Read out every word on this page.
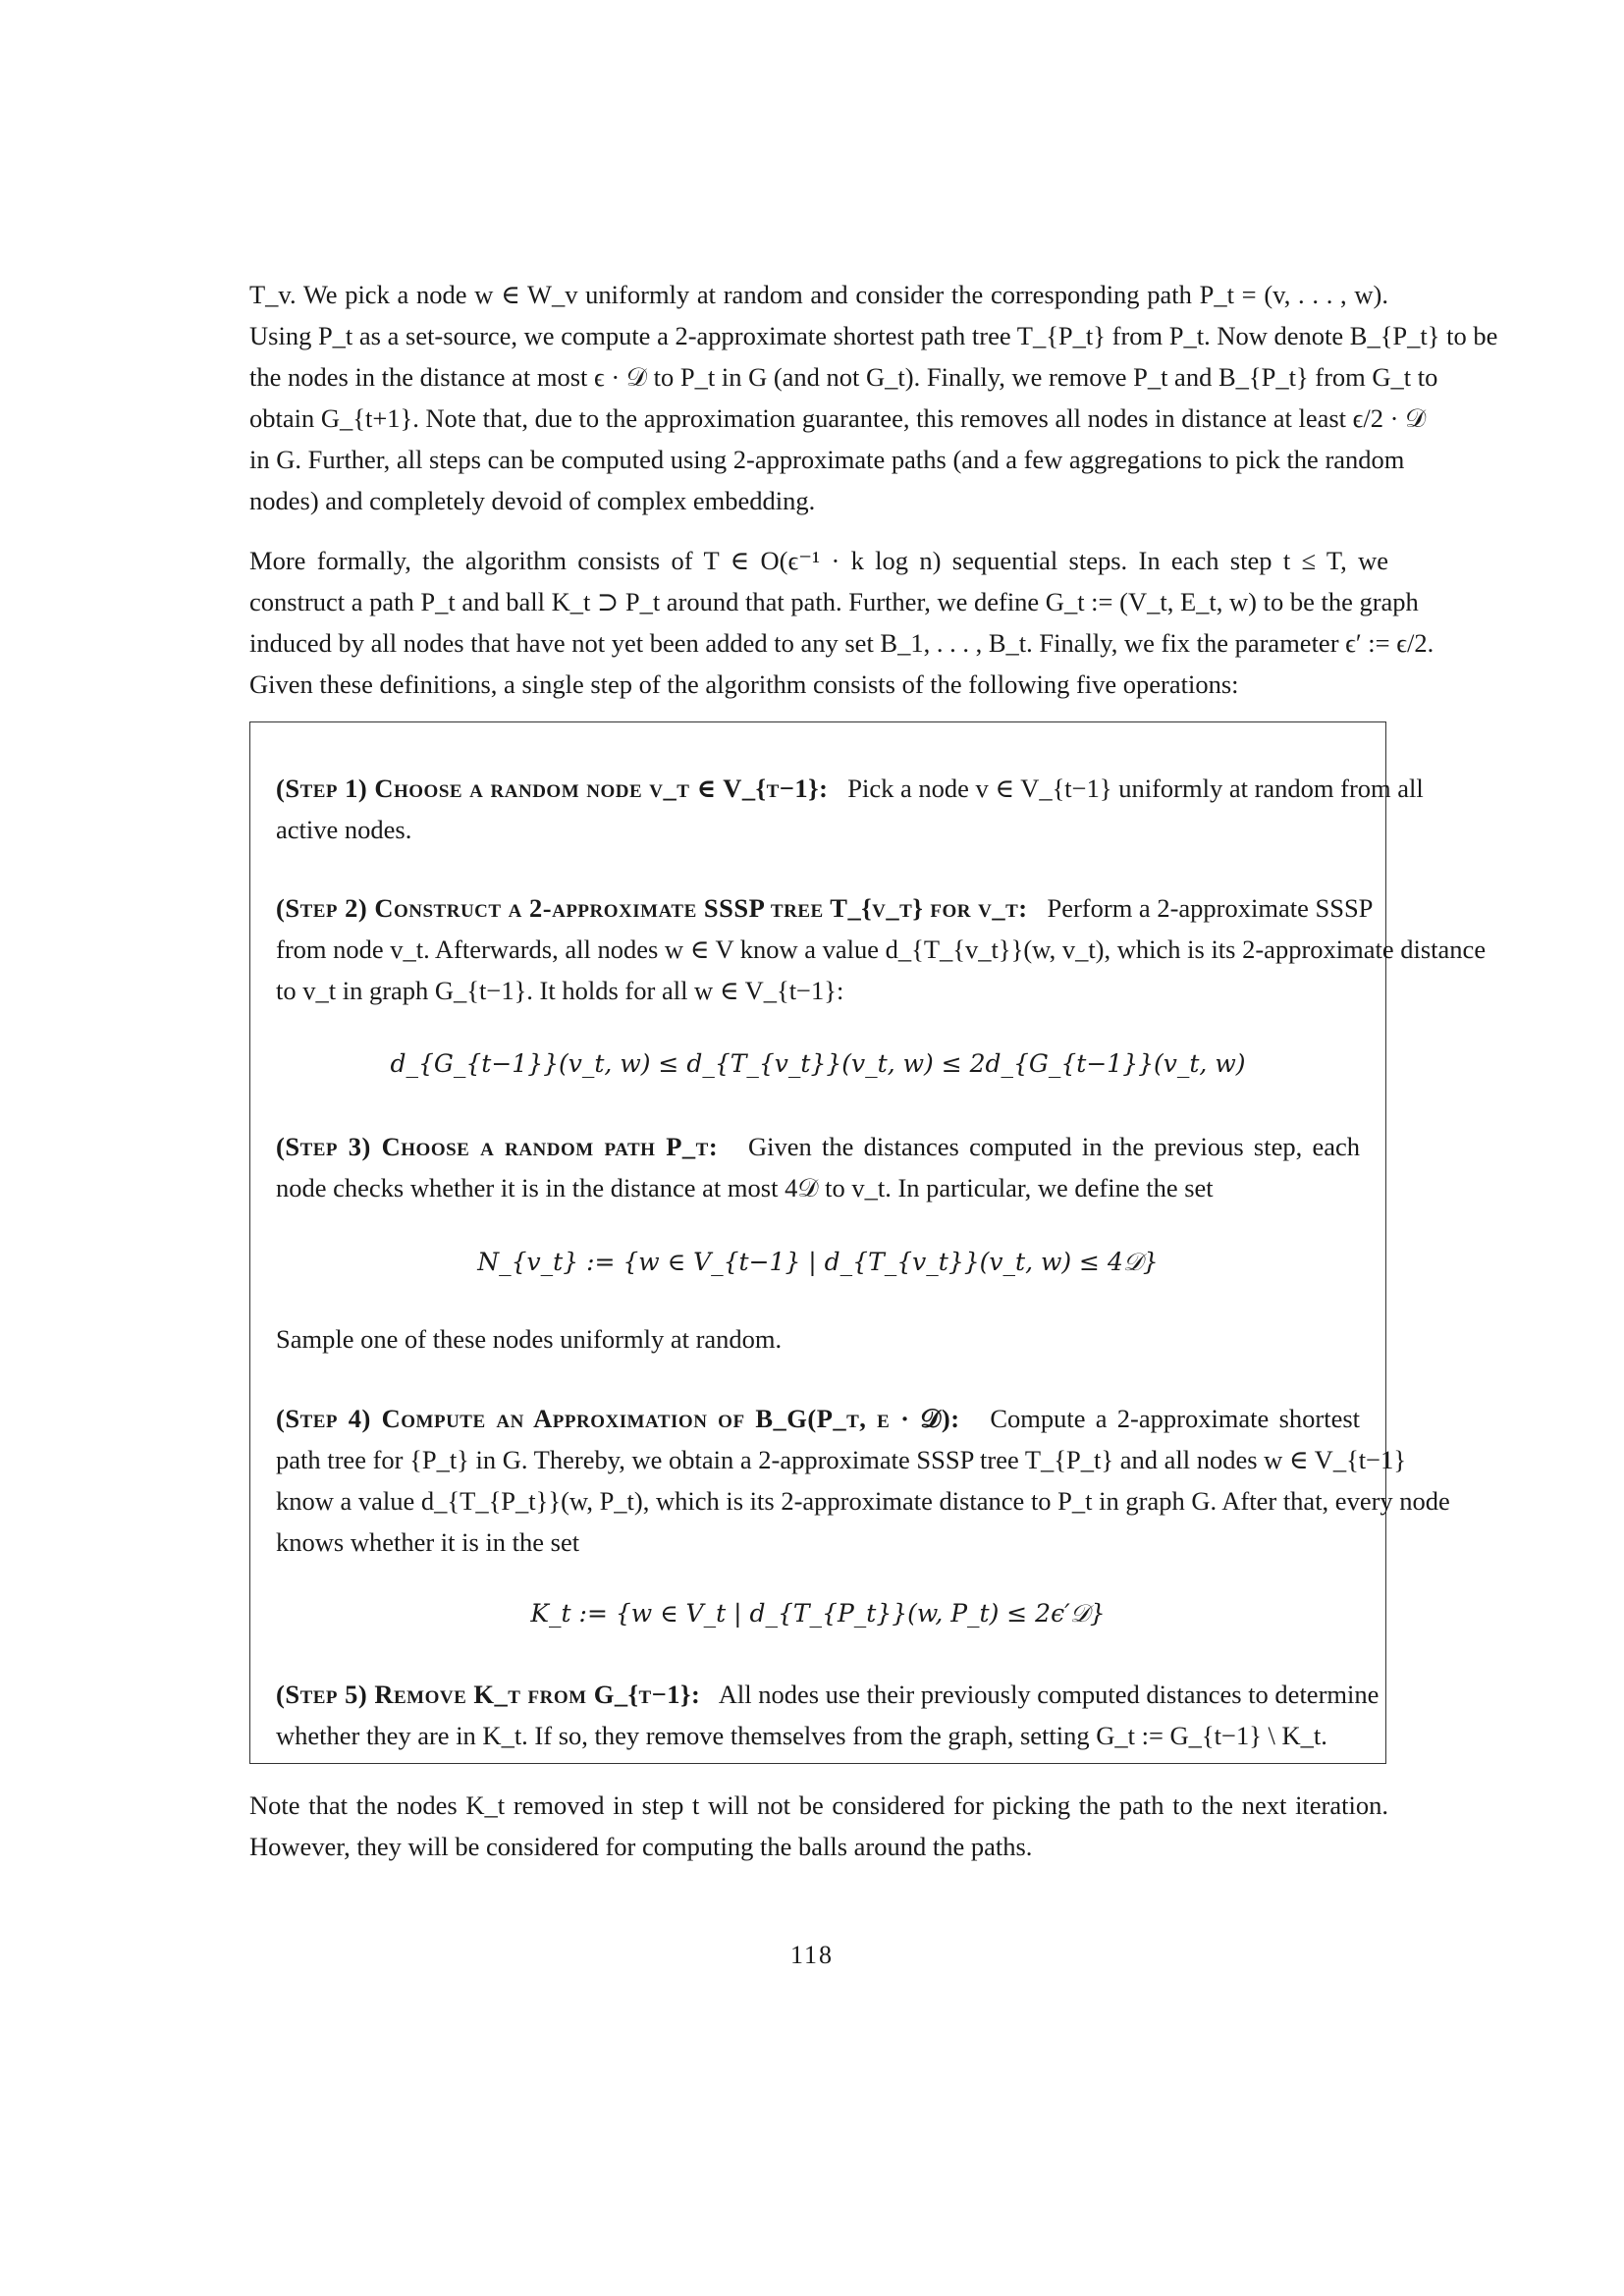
T_v. We pick a node w ∈ W_v uniformly at random and consider the corresponding path P_t = (v, . . . , w).
Using P_t as a set-source, we compute a 2-approximate shortest path tree T_{P_t} from P_t. Now denote B_{P_t} to be
the nodes in the distance at most ϵ · 𝒟 to P_t in G (and not G_t). Finally, we remove P_t and B_{P_t} from G_t to
obtain G_{t+1}. Note that, due to the approximation guarantee, this removes all nodes in distance at least ϵ/2 · 𝒟
in G. Further, all steps can be computed using 2-approximate paths (and a few aggregations to pick the random
nodes) and completely devoid of complex embedding.
More formally, the algorithm consists of T ∈ O(ϵ⁻¹ · k log n) sequential steps. In each step t ≤ T, we
construct a path P_t and ball K_t ⊃ P_t around that path. Further, we define G_t := (V_t, E_t, w) to be the graph
induced by all nodes that have not yet been added to any set B_1, . . . , B_t. Finally, we fix the parameter ϵ′ := ϵ/2.
Given these definitions, a single step of the algorithm consists of the following five operations:
(Step 1) Choose a random node v_t ∈ V_{t−1}: Pick a node v ∈ V_{t−1} uniformly at random from all
active nodes.
(Step 2) Construct a 2-approximate SSSP tree T_{v_t} for v_t: Perform a 2-approximate SSSP
from node v_t. Afterwards, all nodes w ∈ V know a value d_{T_{v_t}}(w, v_t), which is its 2-approximate distance
to v_t in graph G_{t−1}. It holds for all w ∈ V_{t−1}:
d_{G_{t−1}}(v_t, w) ≤ d_{T_{v_t}}(v_t, w) ≤ 2d_{G_{t−1}}(v_t, w)
(Step 3) Choose a random path P_t: Given the distances computed in the previous step, each
node checks whether it is in the distance at most 4𝒟 to v_t. In particular, we define the set
N_{v_t} := {w ∈ V_{t−1} | d_{T_{v_t}}(v_t, w) ≤ 4𝒟}
Sample one of these nodes uniformly at random.
(Step 4) Compute an Approximation of B_G(P_t, ϵ · 𝒟): Compute a 2-approximate shortest
path tree for {P_t} in G. Thereby, we obtain a 2-approximate SSSP tree T_{P_t} and all nodes w ∈ V_{t−1}
know a value d_{T_{P_t}}(w, P_t), which is its 2-approximate distance to P_t in graph G. After that, every node
knows whether it is in the set
K_t := {w ∈ V_t | d_{T_{P_t}}(w, P_t) ≤ 2ϵ′𝒟}
(Step 5) Remove K_t from G_{t−1}: All nodes use their previously computed distances to determine
whether they are in K_t. If so, they remove themselves from the graph, setting G_t := G_{t−1} \ K_t.
Note that the nodes K_t removed in step t will not be considered for picking the path to the next iteration.
However, they will be considered for computing the balls around the paths.
118
